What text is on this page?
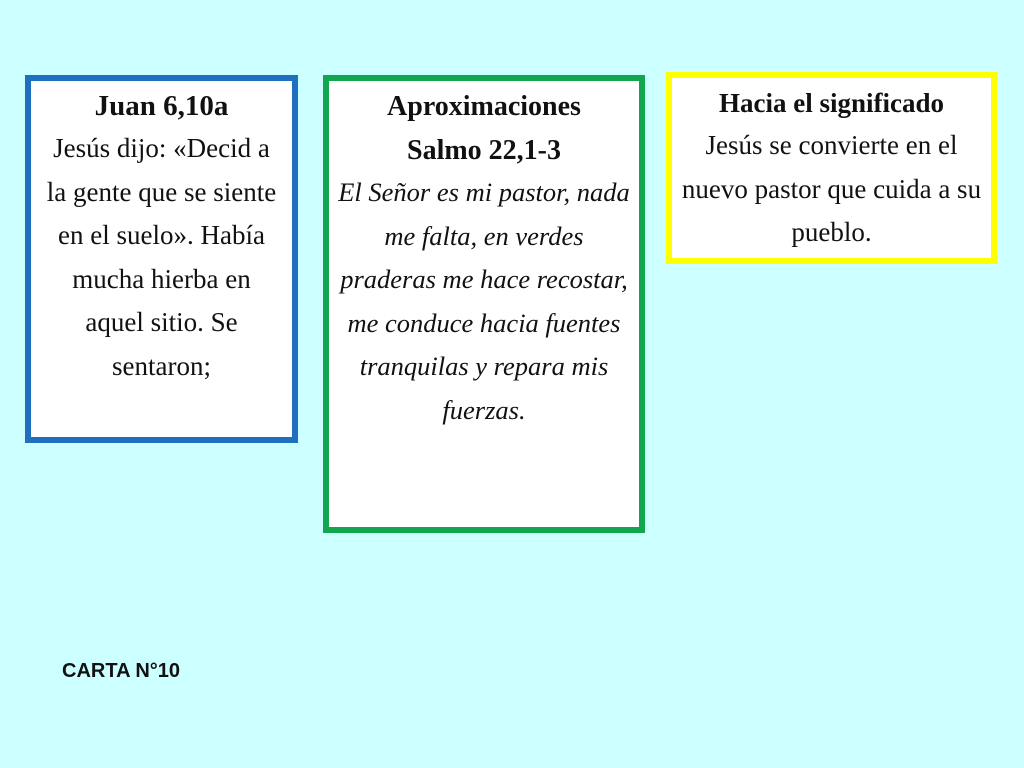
Juan 6,10a

Jesús dijo: «Decid a la gente que se siente en el suelo». Había mucha hierba en aquel sitio. Se sentaron;

Aproximaciones

Salmo 22,1-3

El Señor es mi pastor, nada me falta, en verdes praderas me hace recostar, me conduce hacia fuentes tranquilas y repara mis fuerzas.

Hacia el significado

Jesús se convierte en el nuevo pastor que cuida a su pueblo.

CARTA N°10
